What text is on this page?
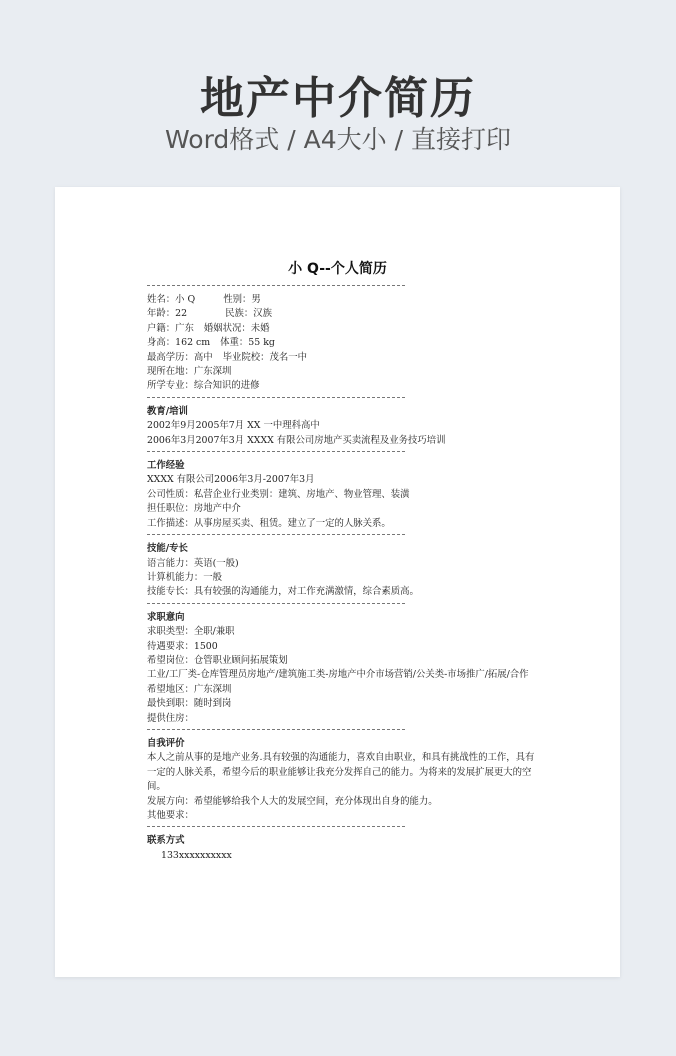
地产中介简历
Word格式 / A4大小 / 直接打印
小 Q--个人简历
姓名：小 Q	性别：男
年龄：22	民族：汉族
户籍：广东 婚姻状况：未婚
身高：162 cm 体重：55 kg
最高学历：高中 毕业院校：茂名一中
现所在地：广东深圳
所学专业：综合知识的进修
教育/培训
2002年9月2005年7月 XX 一中理科高中
2006年3月2007年3月 XXXX 有限公司房地产买卖流程及业务技巧培训
工作经验
XXXX 有限公司2006年3月-2007年3月
公司性质：私营企业行业类别：建筑、房地产、物业管理、装潢
担任职位：房地产中介
工作描述：从事房屋买卖、租赁。建立了一定的人脉关系。
技能/专长
语言能力：英语(一般)
计算机能力：一般
技能专长：具有较强的沟通能力，对工作充满激情，综合素质高。
求职意向
求职类型：全职/兼职
待遇要求：1500
希望岗位：仓管职业顾问拓展策划
工业/工厂类-仓库管理员房地产/建筑施工类-房地产中介市场营销/公关类-市场推广/拓展/合作
希望地区：广东深圳
最快到职：随时到岗
提供住房：
自我评价
本人之前从事的是地产业务.具有较强的沟通能力，喜欢自由职业，和具有挑战性的工作，具有一定的人脉关系，希望今后的职业能够让我充分发挥自己的能力。为将来的发展扩展更大的空间。
发展方向：希望能够给我个人大的发展空间，充分体现出自身的能力。
其他要求：
联系方式
133xxxxxxxxxx
